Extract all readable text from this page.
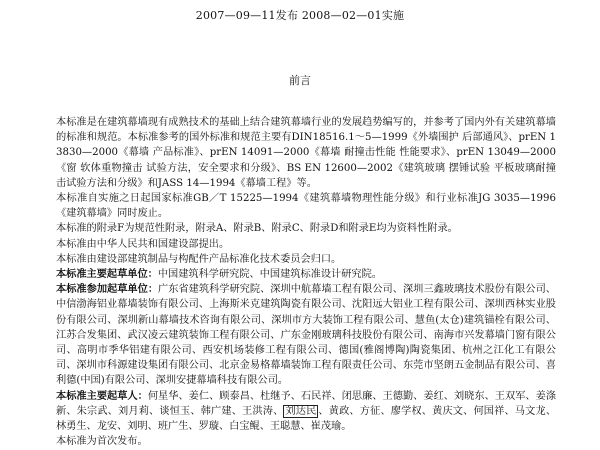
2007—09—11发布 2008—02—01实施
前言

本标准是在建筑幕墙现有成熟技术的基础上结合建筑幕墙行业的发展趋势编写的，并参考了国内外有关建筑幕墙的标准和规范。本标准参考的国外标准和规范主要有DIN18516.1～5—1999《外墙围护 后部通风》、prEN 13830—2000《幕墙 产品标准》、prEN 14091—2000《幕墙 耐撞击性能 性能要求》、prEN 13049—2000《窗 软体重物撞击 试验方法，安全要求和分级》、BS EN 12600—2002《建筑玻璃 摆锤试验 平板玻璃耐撞击试验方法和分级》和JASS 14—1994《幕墙工程》等。

本标准自实施之日起国家标准GB／T 15225—1994《建筑幕墙物理性能分级》和行业标准JG 3035—1996《建筑幕墙》同时废止。

本标准的附录F为规范性附录，附录A、附录B、附录C、附录D和附录E均为资料性附录。

本标准由中华人民共和国建设部提出。

本标准由建设部建筑制品与构配件产品标准化技术委员会归口。

本标准主要起草单位：中国建筑科学研究院、中国建筑标准设计研究院。

本标准参加起草单位：广东省建筑科学研究院、深圳中航幕墙工程有限公司、深圳三鑫玻璃技术股份有限公司、中信渤海铝业幕墙装饰有限公司、上海斯米克建筑陶瓷有限公司、沈阳远大铝业工程有限公司、深圳西林实业股份有限公司、深圳新山幕墙技术咨询有限公司、深圳市方大装饰工程有限公司、慧鱼(太仓)建筑锚栓有限公司、江苏合发集团、武汉凌云建筑装饰工程有限公司、广东金刚玻璃科技股份有限公司、南海市兴发幕墙门窗有限公司、高明市季华铝建有限公司、西安机场装修工程有限公司、德国(雅阁博陶)陶瓷集团、杭州之江化工有限公司、深圳市科源建设集团有限公司、北京金易格幕墙装饰工程有限责任公司、东莞市坚朗五金制品有限公司、喜利德(中国)有限公司、深圳安捷幕墙科技有限公司。

本标准主要起草人：何星华、姜仁、顾泰昌、杜继予、石民祥、闭思廉、王德勤、姜红、刘晓东、王双军、姜涤新、朱宗武、刘月莉、谈恒玉、韩广建、王洪涛、 刘达民 、黄政、方征、廖学权、黄庆文、何国祥、马文龙、林勇生、龙安、刘明、班广生、罗璇、白宝鲲、王聪慧、崔茂瑜。

本标准为首次发布。
